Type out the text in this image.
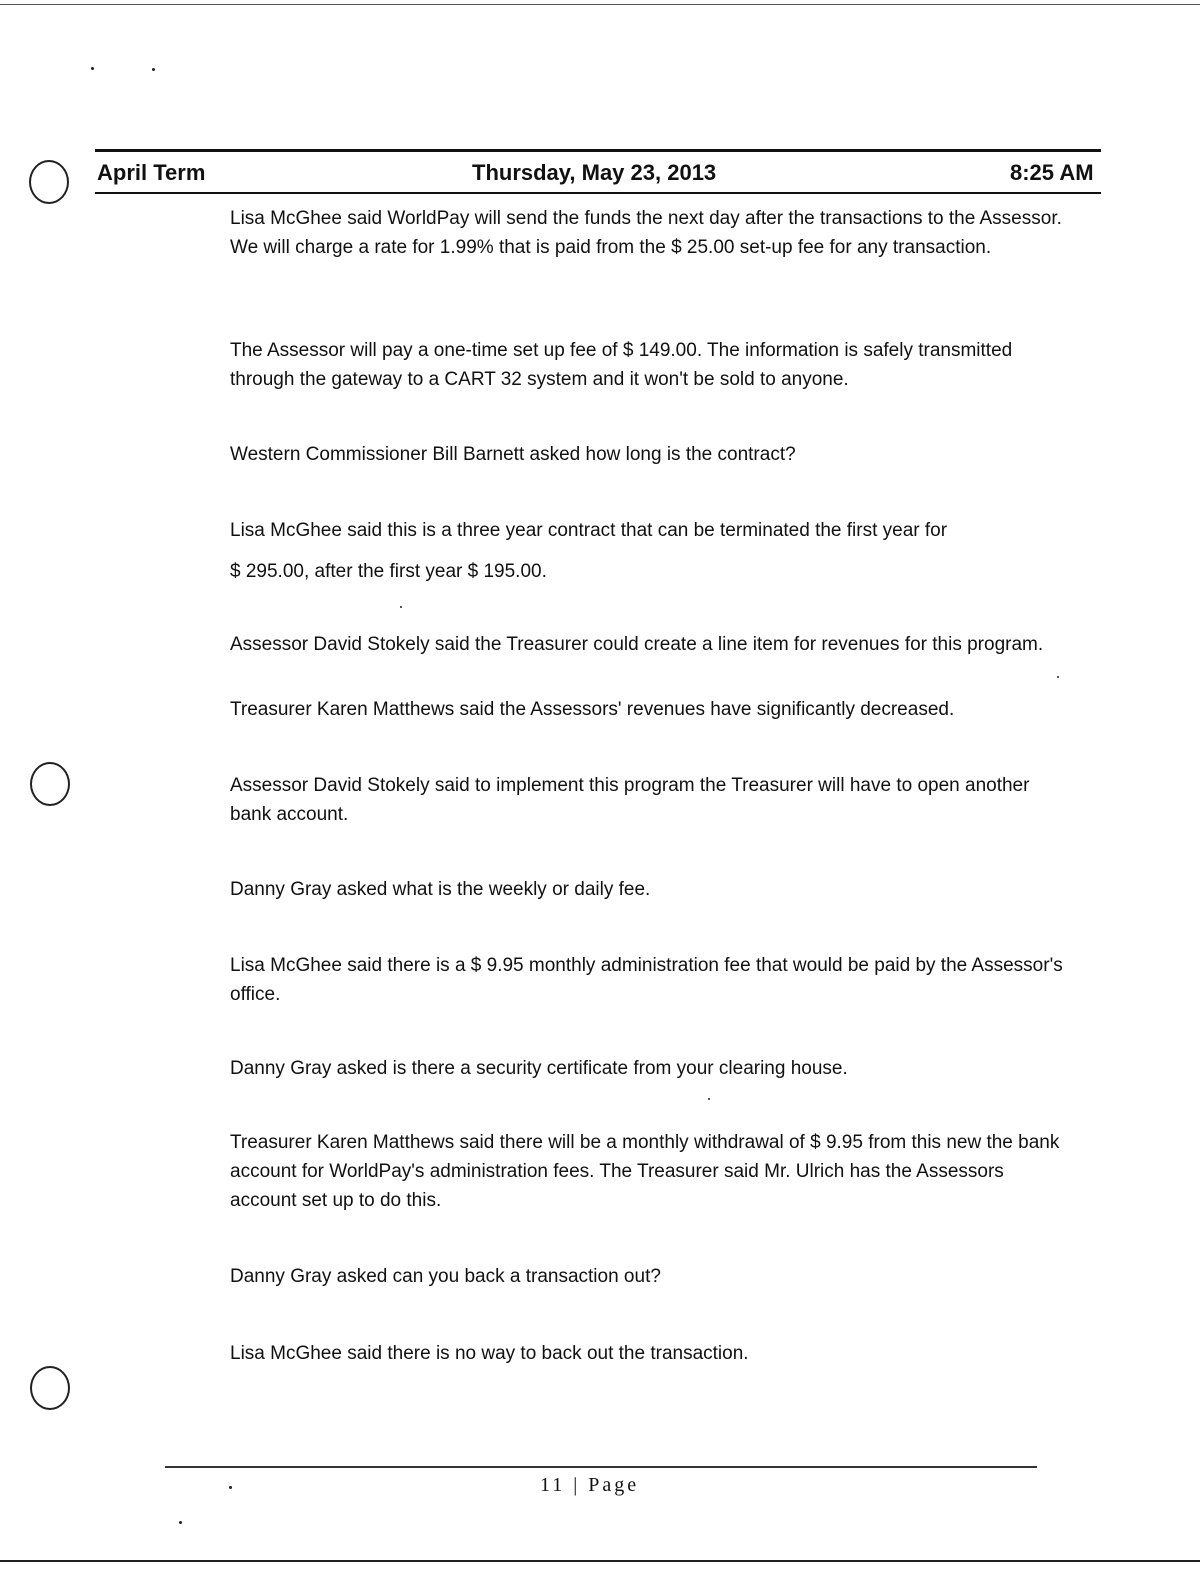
April Term	Thursday, May 23, 2013	8:25 AM

Lisa McGhee said WorldPay will send the funds the next day after the transactions to the Assessor. We will charge a rate for 1.99% that is paid from the $ 25.00 set-up fee for any transaction.

The Assessor will pay a one-time set up fee of $ 149.00. The information is safely transmitted through the gateway to a CART 32 system and it won't be sold to anyone.

Western Commissioner Bill Barnett asked how long is the contract?

Lisa McGhee said this is a three year contract that can be terminated the first year for

$ 295.00, after the first year $ 195.00.

Assessor David Stokely said the Treasurer could create a line item for revenues for this program.

Treasurer Karen Matthews said the Assessors' revenues have significantly decreased.

Assessor David Stokely said to implement this program the Treasurer will have to open another bank account.

Danny Gray asked what is the weekly or daily fee.

Lisa McGhee said there is a $ 9.95 monthly administration fee that would be paid by the Assessor's office.

Danny Gray asked is there a security certificate from your clearing house.

Treasurer Karen Matthews said there will be a monthly withdrawal of $ 9.95 from this new the bank account for WorldPay's administration fees. The Treasurer said Mr. Ulrich has the Assessors account set up to do this.

Danny Gray asked can you back a transaction out?

Lisa McGhee said there is no way to back out the transaction.

11 | Page
